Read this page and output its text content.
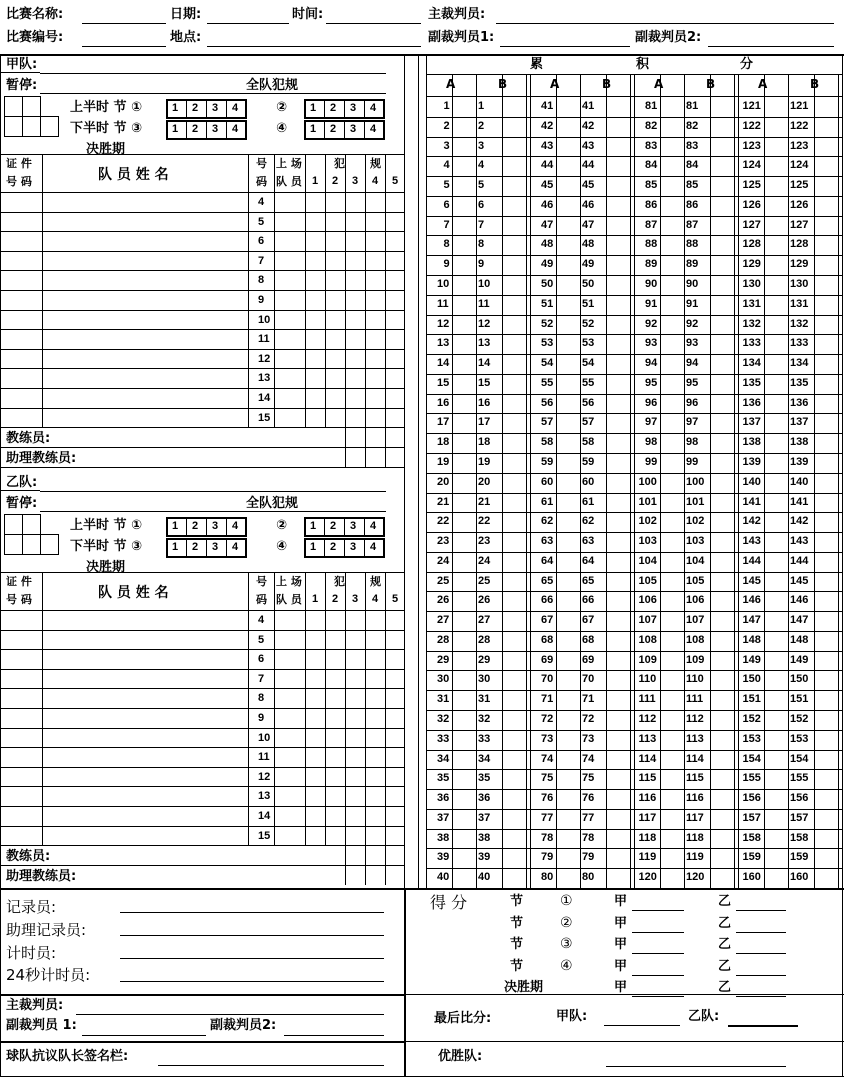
比赛名称:	日期:	时间:	主裁判员:
比赛编号:	地点:	副裁判员1:	副裁判员2:
甲队:
暂停:	全队犯规
上半时 节 ①
下半时 节 ③
②
④
决胜期
1 2 3 4	1 2 3 4
1 2 3 4	1 2 3 4
证 件
号 码	队 员 姓 名
号
码
上 场
队 员
犯 规
1 2 3 4 5
4
5
6
7
8
9
10
11
12
13
14
15
教练员:
助理教练员:
乙队:
暂停:	全队犯规
上半时 节 ①
下半时 节 ③
②
④
决胜期
1 2 3 4	1 2 3 4
1 2 3 4	1 2 3 4
证 件
号 码	队 员 姓 名
号
码
上 场
队 员
犯 规
1 2 3 4 5
4
5
6
7
8
9
10
11
12
13
14
15
教练员:
助理教练员:
累	积	分
A	B	A	B	A	B	A	B
1	1	41	41	81	81	121	121
2	2	42	42	82	82	122	122
3	3	43	43	83	83	123	123
4	4	44	44	84	84	124	124
5	5	45	45	85	85	125	125
6	6	46	46	86	86	126	126
7	7	47	47	87	87	127	127
8	8	48	48	88	88	128	128
9	9	49	49	89	89	129	129
10	10	50	50	90	90	130	130
11	11	51	51	91	91	131	131
12	12	52	52	92	92	132	132
13	13	53	53	93	93	133	133
14	14	54	54	94	94	134	134
15	15	55	55	95	95	135	135
16	16	56	56	96	96	136	136
17	17	57	57	97	97	137	137
18	18	58	58	98	98	138	138
19	19	59	59	99	99	139	139
20	20	60	60	100	100	140	140
21	21	61	61	101	101	141	141
22	22	62	62	102	102	142	142
23	23	63	63	103	103	143	143
24	24	64	64	104	104	144	144
25	25	65	65	105	105	145	145
26	26	66	66	106	106	146	146
27	27	67	67	107	107	147	147
28	28	68	68	108	108	148	148
29	29	69	69	109	109	149	149
30	30	70	70	110	110	150	150
31	31	71	71	111	111	151	151
32	32	72	72	112	112	152	152
33	33	73	73	113	113	153	153
34	34	74	74	114	114	154	154
35	35	75	75	115	115	155	155
36	36	76	76	116	116	156	156
37	37	77	77	117	117	157	157
38	38	78	78	118	118	158	158
39	39	79	79	119	119	159	159
40	40	80	80	120	120	160	160
记录员:
助理记录员:
计时员:
24秒计时员:
主裁判员:
副裁判员 1:	副裁判员2:
球队抗议队长签名栏:
得 分	节	①	甲	乙
节	②	甲	乙
节	③	甲	乙
节	④	甲	乙
决胜期	甲	乙
最后比分:	甲队:	乙队:
优胜队:
